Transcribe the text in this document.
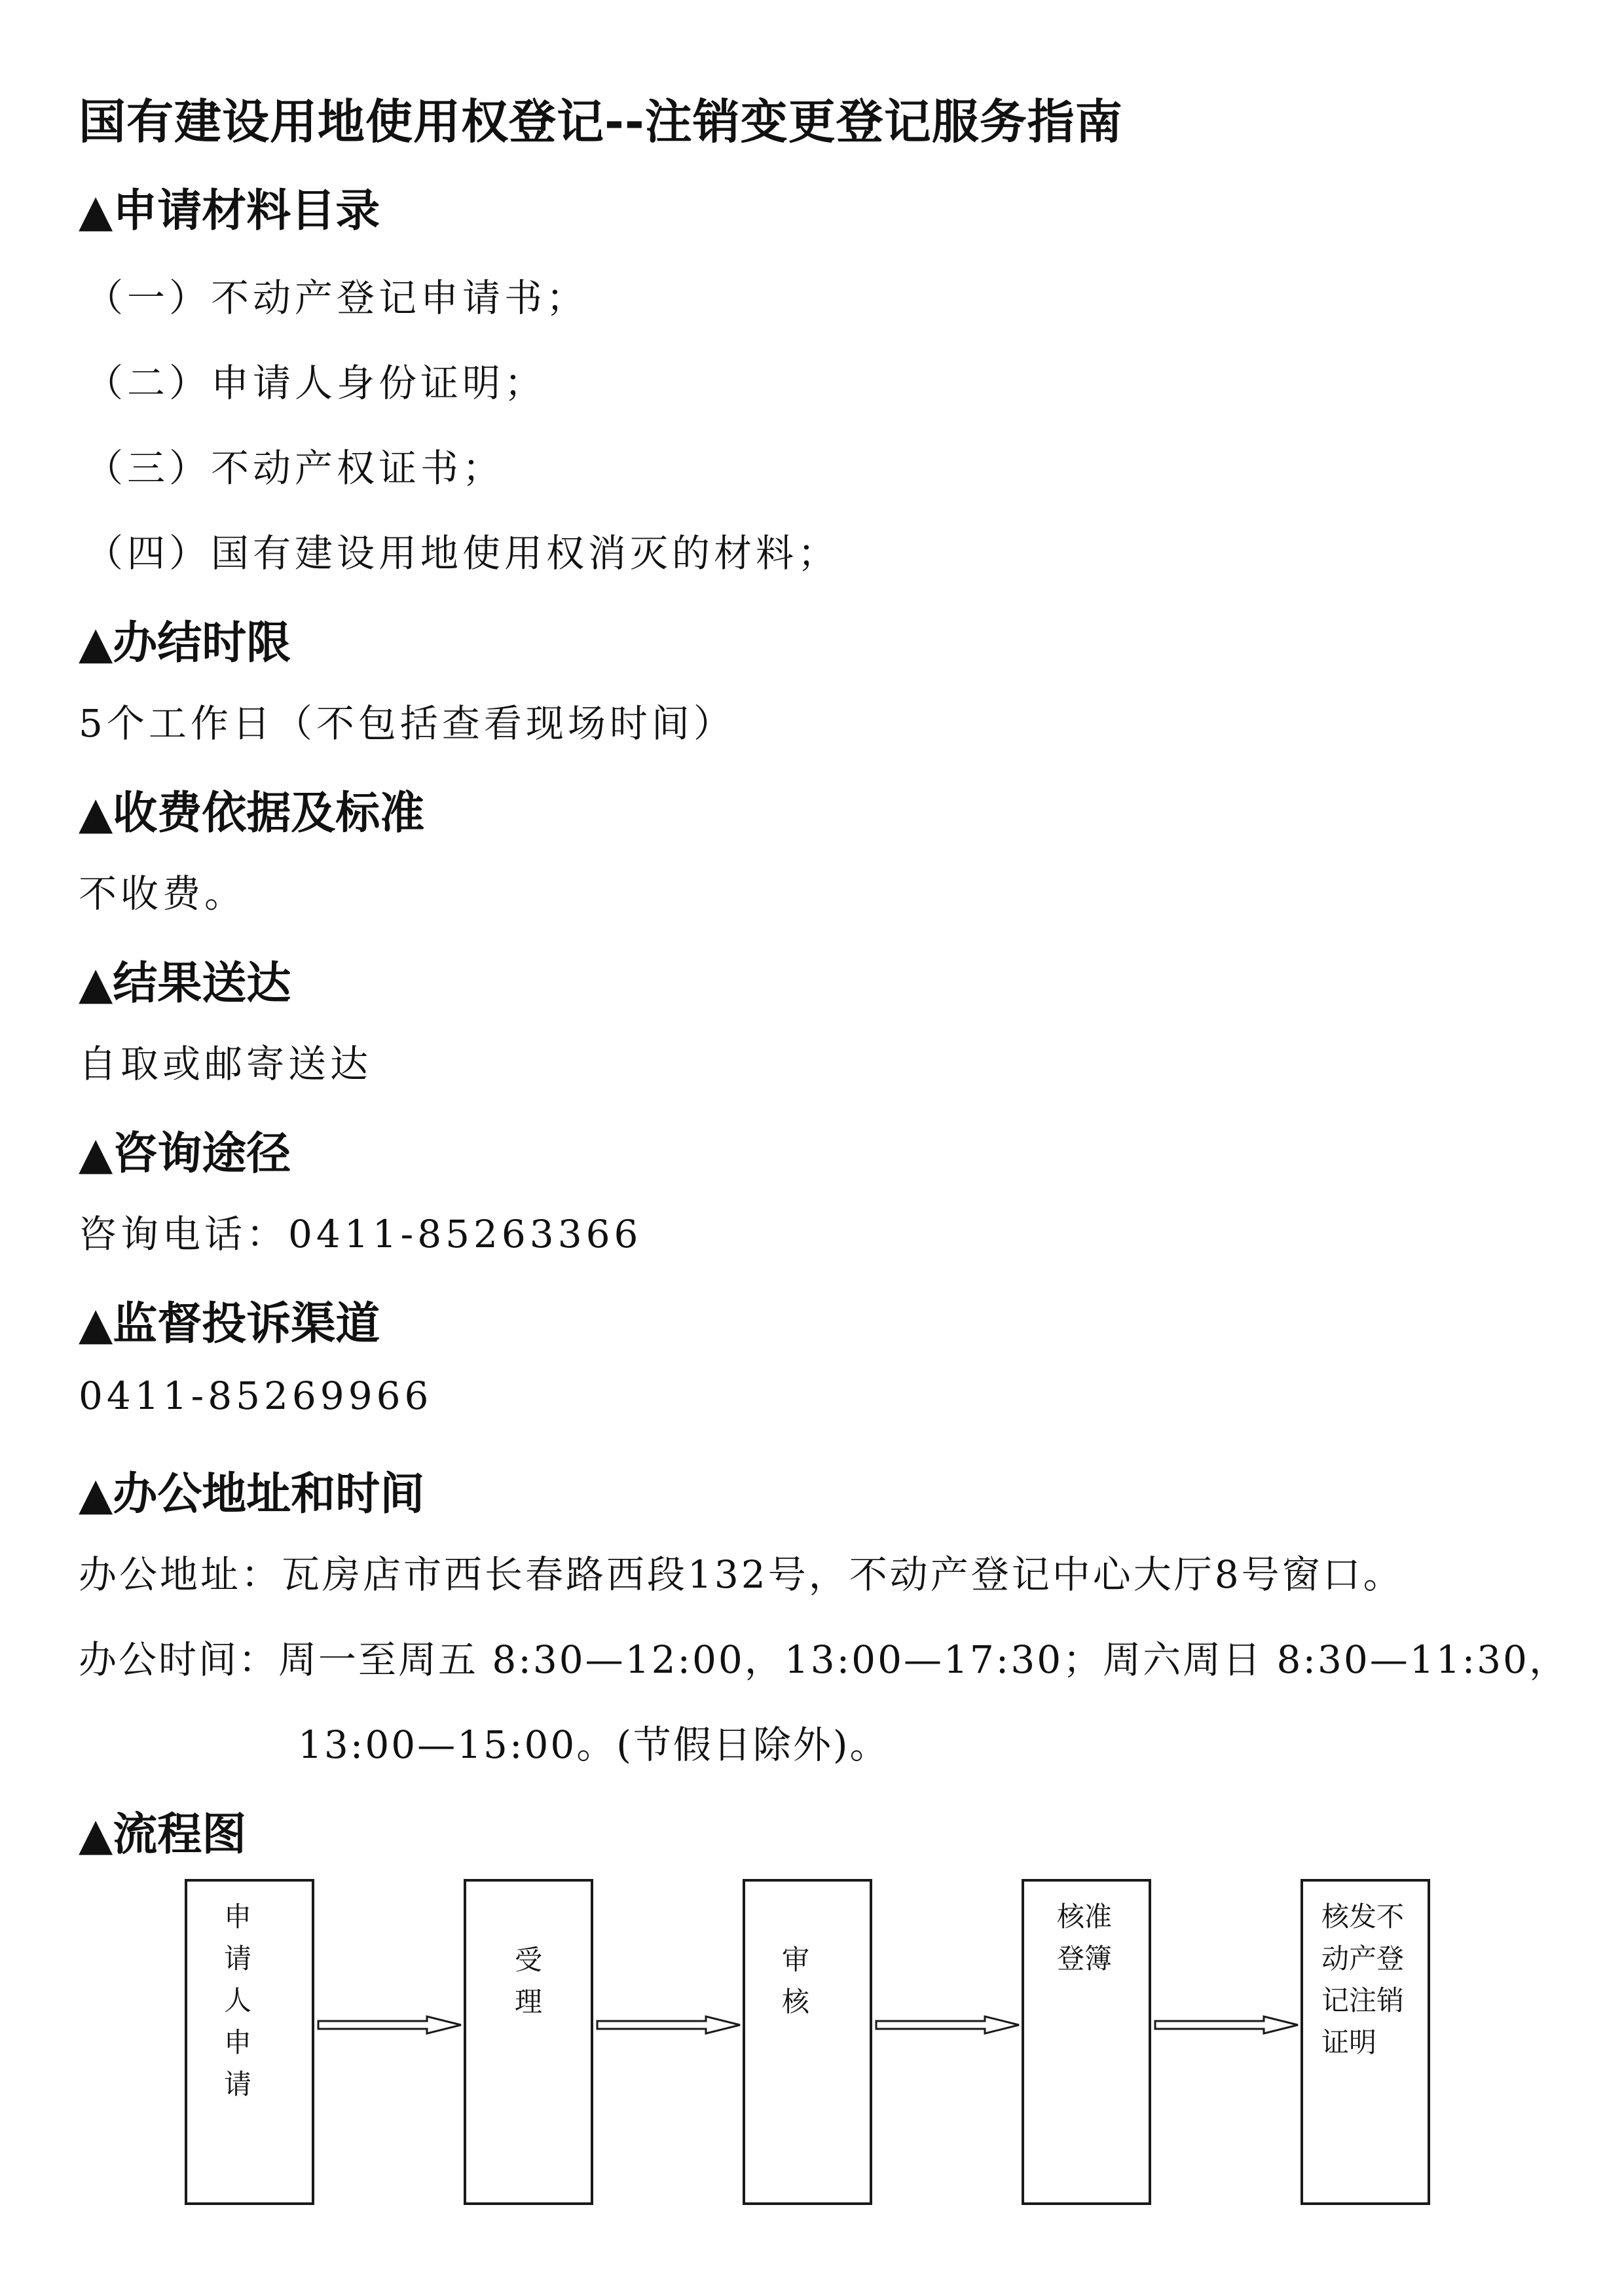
国有建设用地使用权登记--注销变更登记服务指南
▲申请材料目录
（一）不动产登记申请书；
（二）申请人身份证明；
（三）不动产权证书；
（四）国有建设用地使用权消灭的材料；
▲办结时限
5个工作日（不包括查看现场时间）
▲收费依据及标准
不收费。
▲结果送达
自取或邮寄送达
▲咨询途径
咨询电话：0411-85263366
▲监督投诉渠道
0411-85269966
▲办公地址和时间
办公地址：瓦房店市西长春路西段132号，不动产登记中心大厅8号窗口。
办公时间：周一至周五 8:30—12:00，13:00—17:30；周六周日 8:30—11:30，
13:00—15:00。(节假日除外)。
▲流程图
申
请
人
申
请
受
理
审
核
核准
登簿
核发不
动产登
记注销
证明
